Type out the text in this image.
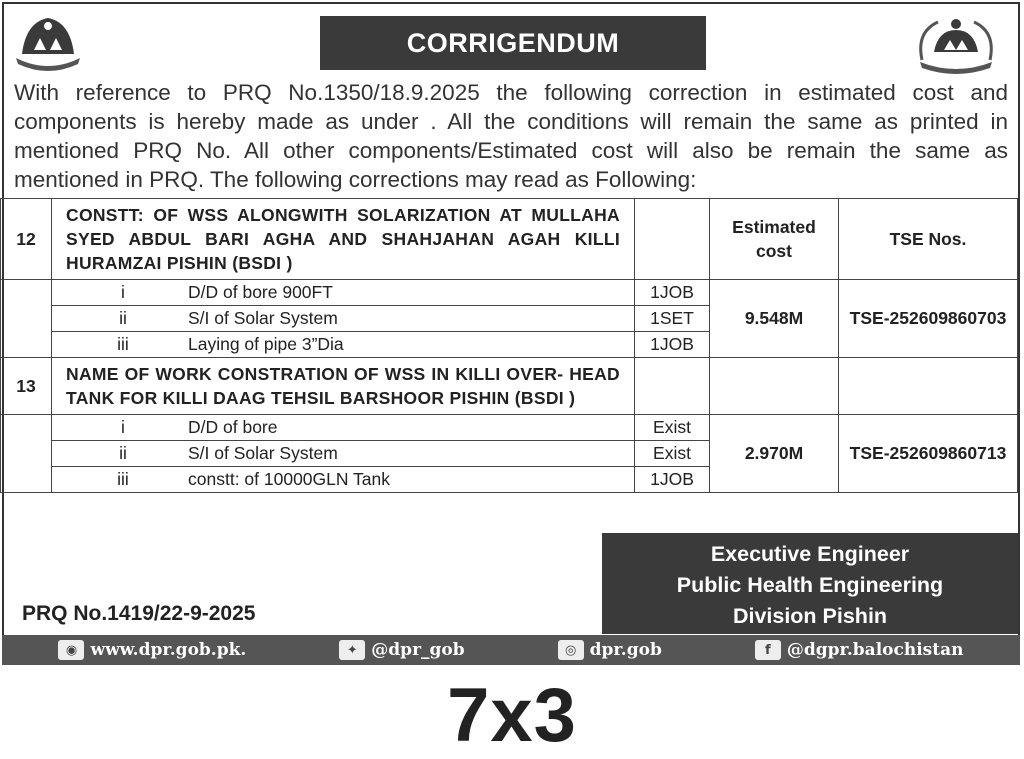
CORRIGENDUM
With reference to PRQ No.1350/18.9.2025 the following correction in estimated cost and components is hereby made as under . All the conditions will remain the same as printed in mentioned PRQ No. All other components/Estimated cost will also be remain the same as mentioned in PRQ. The following corrections may read as Following:
12	CONSTT: OF WSS ALONGWITH SOLARIZATION AT MULLAHA SYED ABDUL BARI AGHA AND SHAHJAHAN AGAH KILLI HURAMZAI PISHIN (BSDI )		Estimated cost	TSE Nos.
	i D/D of bore 900FT	1JOB	9.548M	TSE-252609860703
	ii S/I of Solar System	1SET		
	iii Laying of pipe 3”Dia	1JOB		
13	NAME OF WORK CONSTRATION OF WSS IN KILLI OVER- HEAD TANK FOR KILLI DAAG TEHSIL BARSHOOR PISHIN (BSDI )			
	i D/D of bore	Exist	2.970M	TSE-252609860713
	ii S/I of Solar System	Exist		
	iii constt: of 10000GLN Tank	1JOB		
Executive Engineer
Public Health Engineering
Division Pishin
PRQ No.1419/22-9-2025
◉ www.dpr.gob.pk.	✦ @dpr_gob	◎ dpr.gob	f @dgpr.balochistan
7x3
